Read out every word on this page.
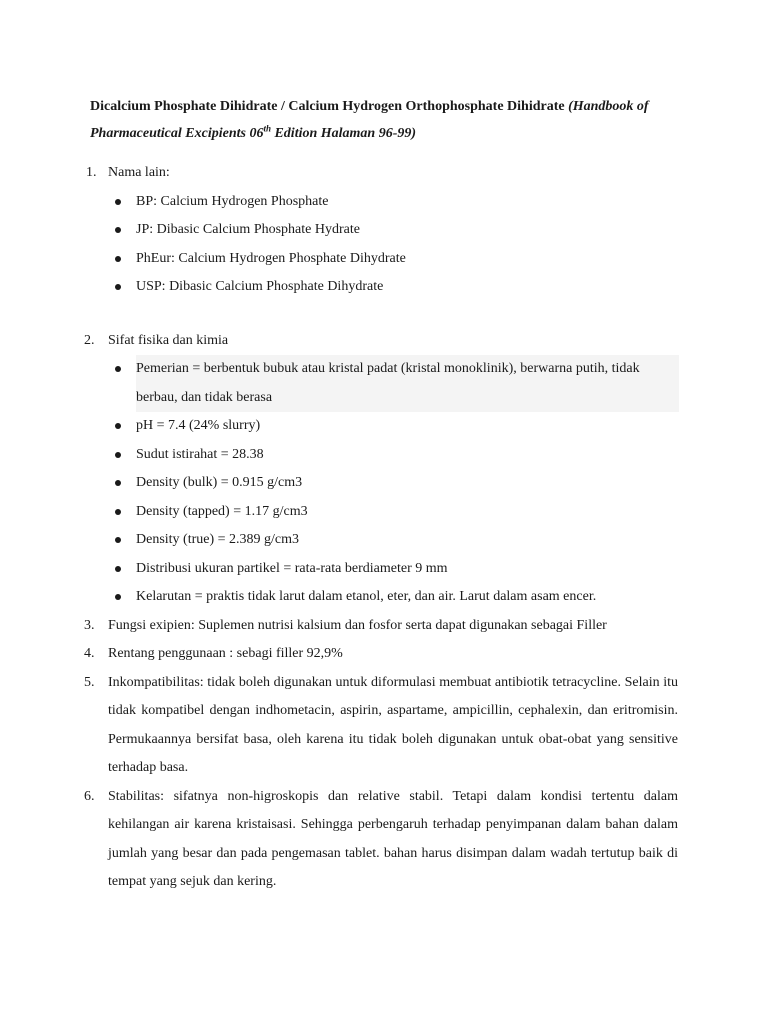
Dicalcium Phosphate Dihidrate / Calcium Hydrogen Orthophosphate Dihidrate (Handbook of Pharmaceutical Excipients 06th Edition Halaman 96-99)

1. Nama lain:
BP: Calcium Hydrogen Phosphate
JP: Dibasic Calcium Phosphate Hydrate
PhEur: Calcium Hydrogen Phosphate Dihydrate
USP: Dibasic Calcium Phosphate Dihydrate
2. Sifat fisika dan kimia
Pemerian = berbentuk bubuk atau kristal padat (kristal monoklinik), berwarna putih, tidak berbau, dan tidak berasa
pH = 7.4 (24% slurry)
Sudut istirahat = 28.38
Density (bulk) = 0.915 g/cm3
Density (tapped) = 1.17 g/cm3
Density (true) = 2.389 g/cm3
Distribusi ukuran partikel = rata-rata berdiameter 9 mm
Kelarutan = praktis tidak larut dalam etanol, eter, dan air. Larut dalam asam encer.
3. Fungsi exipien: Suplemen nutrisi kalsium dan fosfor serta dapat digunakan sebagai Filler
4. Rentang penggunaan : sebagi filler 92,9%
5. Inkompatibilitas: tidak boleh digunakan untuk diformulasi membuat antibiotik tetracycline. Selain itu tidak kompatibel dengan indhometacin, aspirin, aspartame, ampicillin, cephalexin, dan eritromisin. Permukaannya bersifat basa, oleh karena itu tidak boleh digunakan untuk obat-obat yang sensitive terhadap basa.
6. Stabilitas: sifatnya non-higroskopis dan relative stabil. Tetapi dalam kondisi tertentu dalam kehilangan air karena kristaisasi. Sehingga perbengaruh terhadap penyimpanan dalam bahan dalam jumlah yang besar dan pada pengemasan tablet. bahan harus disimpan dalam wadah tertutup baik di tempat yang sejuk dan kering.
